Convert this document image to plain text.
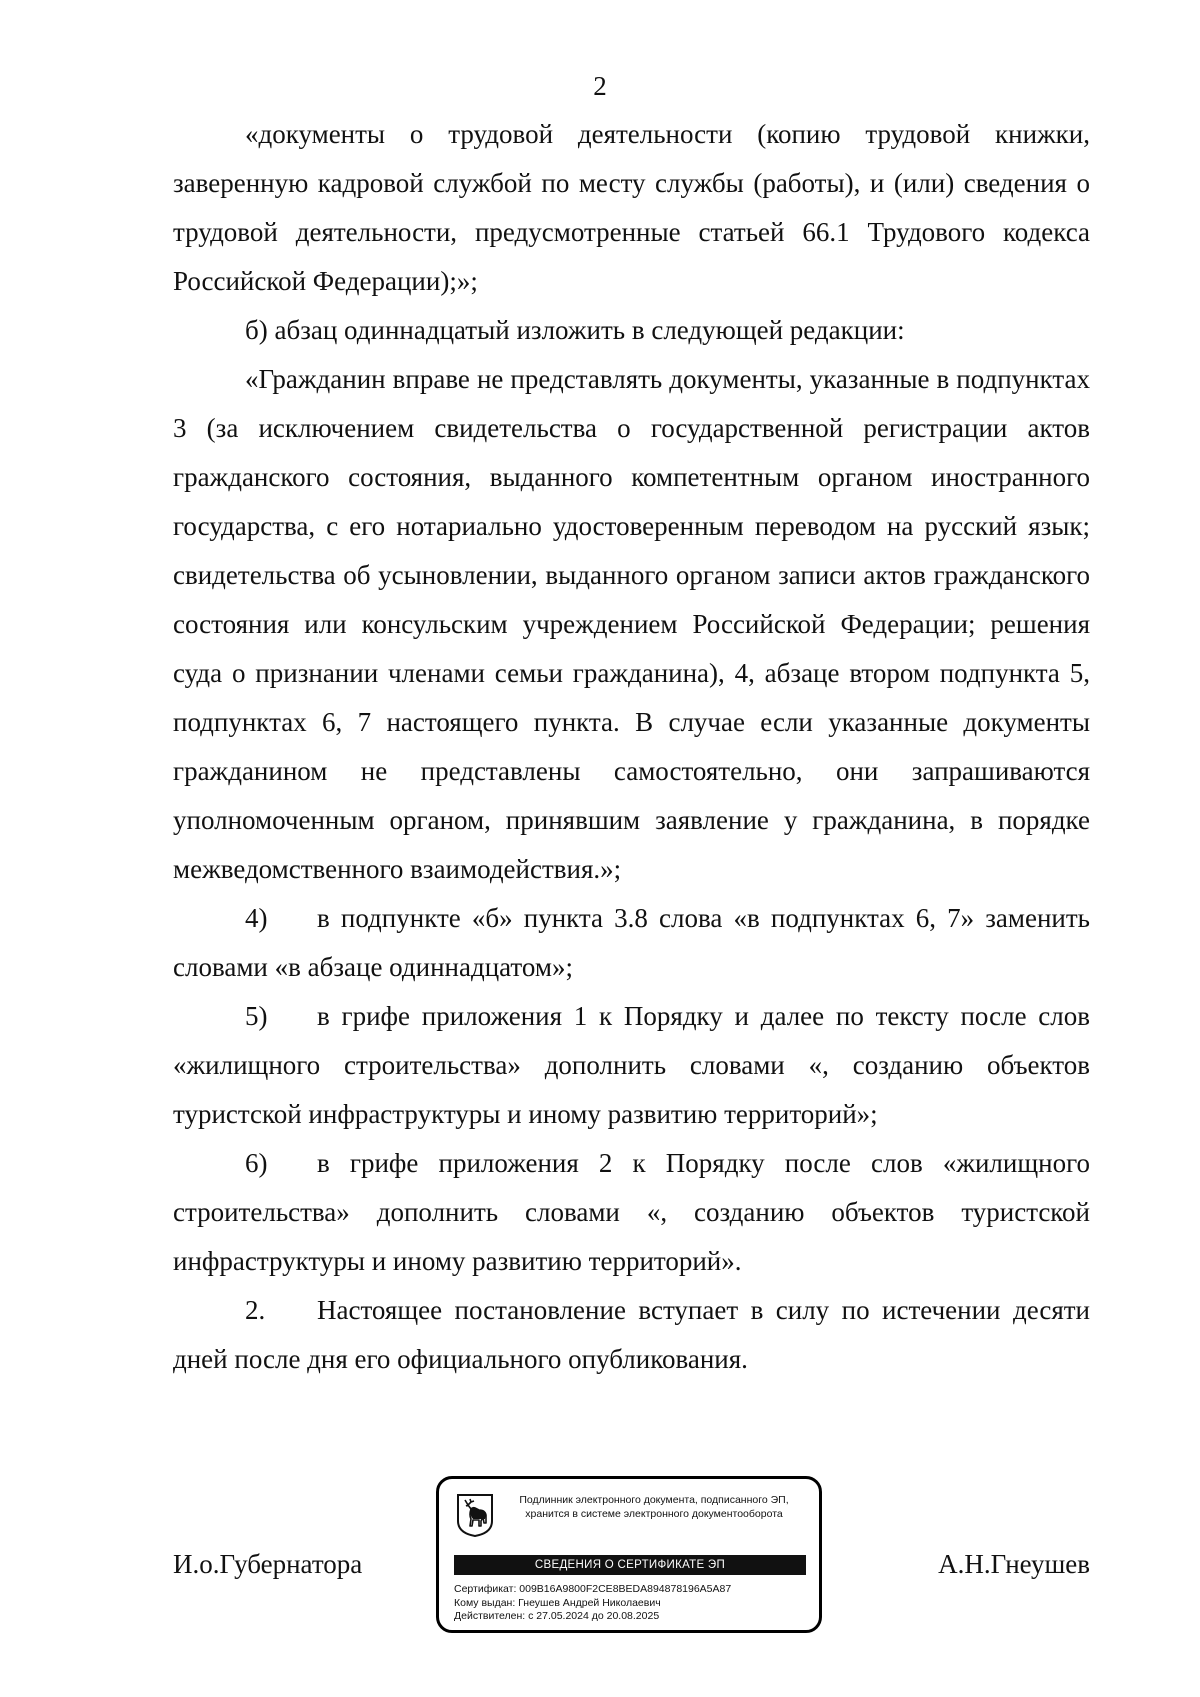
2

«документы о трудовой деятельности (копию трудовой книжки, заверенную кадровой службой по месту службы (работы), и (или) сведения о трудовой деятельности, предусмотренные статьей 66.1 Трудового кодекса Российской Федерации);»;

б) абзац одиннадцатый изложить в следующей редакции:

«Гражданин вправе не представлять документы, указанные в подпунктах 3 (за исключением свидетельства о государственной регистрации актов гражданского состояния, выданного компетентным органом иностранного государства, с его нотариально удостоверенным переводом на русский язык; свидетельства об усыновлении, выданного органом записи актов гражданского состояния или консульским учреждением Российской Федерации; решения суда о признании членами семьи гражданина), 4, абзаце втором подпункта 5, подпунктах 6, 7 настоящего пункта. В случае если указанные документы гражданином не представлены самостоятельно, они запрашиваются уполномоченным органом, принявшим заявление у гражданина, в порядке межведомственного взаимодействия.»;

4) в подпункте «б» пункта 3.8 слова «в подпунктах 6, 7» заменить словами «в абзаце одиннадцатом»;

5) в грифе приложения 1 к Порядку и далее по тексту после слов «жилищного строительства» дополнить словами «, созданию объектов туристской инфраструктуры и иному развитию территорий»;

6) в грифе приложения 2 к Порядку после слов «жилищного строительства» дополнить словами «, созданию объектов туристской инфраструктуры и иному развитию территорий».

2. Настоящее постановление вступает в силу по истечении десяти дней после дня его официального опубликования.

И.о.Губернатора	А.Н.Гнеушев
Подлинник электронного документа, подписанного ЭП,
хранится в системе электронного документооборота
СВЕДЕНИЯ О СЕРТИФИКАТЕ ЭП
Сертификат: 009B16A9800F2CE8BEDA894878196A5A87
Кому выдан: Гнеушев Андрей Николаевич
Действителен: с 27.05.2024 до 20.08.2025
